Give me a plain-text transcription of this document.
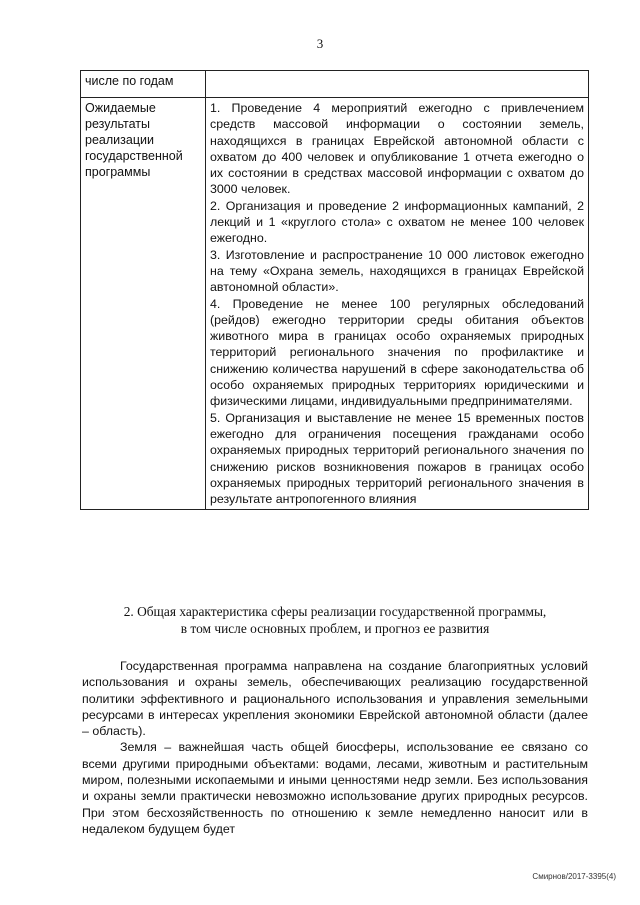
3
числе по годам	
Ожидаемые результаты реализации государственной программы	1. Проведение 4 мероприятий ежегодно с привлечением средств массовой информации о состоянии земель, находящихся в границах Еврейской автономной области с охватом до 400 человек и опубликование 1 отчета ежегодно о их состоянии в средствах массовой информации с охватом до 3000 человек.

2. Организация и проведение 2 информационных кампаний, 2 лекций и 1 «круглого стола» с охватом не менее 100 человек ежегодно.

3. Изготовление и распространение 10 000 листовок ежегодно на тему «Охрана земель, находящихся в границах Еврейской автономной области».

4. Проведение не менее 100 регулярных обследований (рейдов) ежегодно территории среды обитания объектов животного мира в границах особо охраняемых природных территорий регионального значения по профилактике и снижению количества нарушений в сфере законодательства об особо охраняемых природных территориях юридическими и физическими лицами, индивидуальными предпринимателями.

5. Организация и выставление не менее 15 временных постов ежегодно для ограничения посещения гражданами особо охраняемых природных территорий регионального значения по снижению рисков возникновения пожаров в границах особо охраняемых природных территорий регионального значения в результате антропогенного влияния

2. Общая характеристика сферы реализации государственной программы,

в том числе основных проблем, и прогноз ее развития

Государственная программа направлена на создание благоприятных условий использования и охраны земель, обеспечивающих реализацию государственной политики эффективного и рационального использования и управления земельными ресурсами в интересах укрепления экономики Еврейской автономной области (далее – область).

Земля – важнейшая часть общей биосферы, использование ее связано со всеми другими природными объектами: водами, лесами, животным и растительным миром, полезными ископаемыми и иными ценностями недр земли. Без использования и охраны земли практически невозможно использование других природных ресурсов. При этом бесхозяйственность по отношению к земле немедленно наносит или в недалеком будущем будет

Смирнов/2017-3395(4)
